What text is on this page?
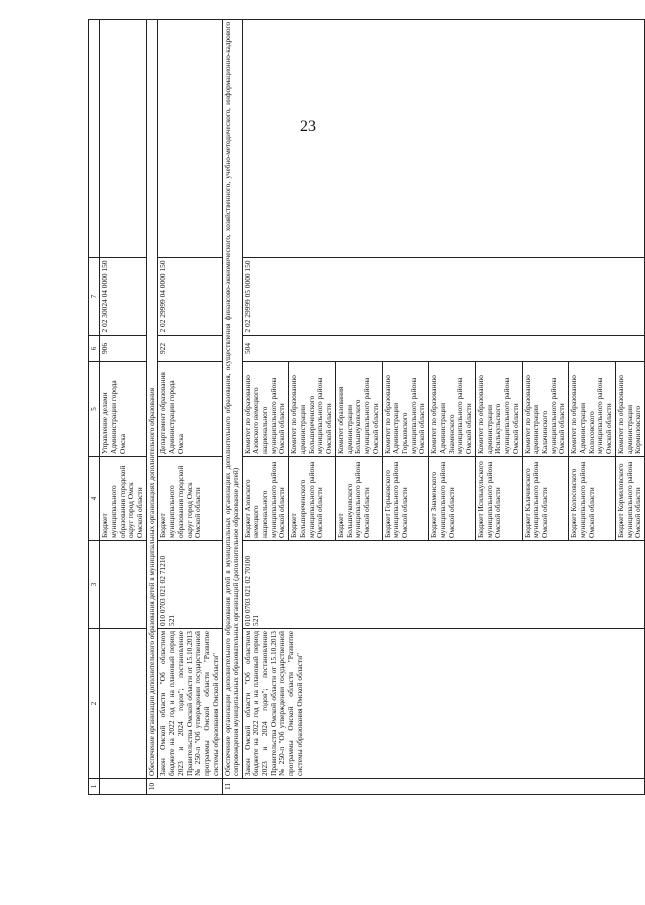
23
1	2	3	4	5	6	7	
			Бюджет муниципального образования городской округ город Омск Омской области	Управление делами Администрации города Омска	906	2 02 30024 04 0000 150	
10	Обеспечение организации дополнительного образования детей в муниципальных организациях дополнительного образования						
	Закон Омской области "Об областном бюджете на 2022 год и на плановый период 2023 и 2024 годов"; постановление Правительства Омской области от 15.10.2013 № 250-п "Об утверждении государственной программы Омской области "Развитие системы образования Омской области"	010 0703 021 02 71210 521	Бюджет муниципального образования городской округ город Омск Омской области	Департамент образования Администрации города Омска	922	2 02 29999 04 0000 150	
11	Обеспечение организации дополнительного образования детей в муниципальных организациях дополнительного образования, осуществления финансово-экономического, хозяйственного, учебно-методического, информационно-кадрового сопровождения муниципальных образовательных организаций (дополнительное образование детей)						
	Закон Омской области "Об областном бюджете на 2022 год и на плановый период 2023 и 2024 годов"; постановление Правительства Омской области от 15.10.2013 № 250-п "Об утверждении государственной программы Омской области "Развитие системы образования Омской области"	010 0703 021 02 70100 521	Бюджет Азовского немецкого национального муниципального района Омской области	Комитет по образованию Азовского немецкого национального муниципального района Омской области	504	2 02 29999 05 0000 150	
			Бюджет Большереченского муниципального района Омской области	Комитет по образованию администрации Большереченского муниципального района Омской области			
			Бюджет Большеуковского муниципального района Омской области	Комитет образования администрации Большеуковского муниципального района Омской области			
			Бюджет Горьковского муниципального района Омской области	Комитет по образованию Администрации Горьковского муниципального района Омской области			
			Бюджет Знаменского муниципального района Омской области	Комитет по образованию Администрации Знаменского муниципального района Омской области			
			Бюджет Исилькульского муниципального района Омской области	Комитет по образованию администрации Исилькульского муниципального района Омской области			
			Бюджет Калачинского муниципального района Омской области	Комитет по образованию администрации Калачинского муниципального района Омской области			
			Бюджет Колосовского муниципального района Омской области	Комитет по образованию Администрации Колосовского муниципального района Омской области			
			Бюджет Кормиловского муниципального района Омской области	Комитет по образованию администрации Кормиловского			
